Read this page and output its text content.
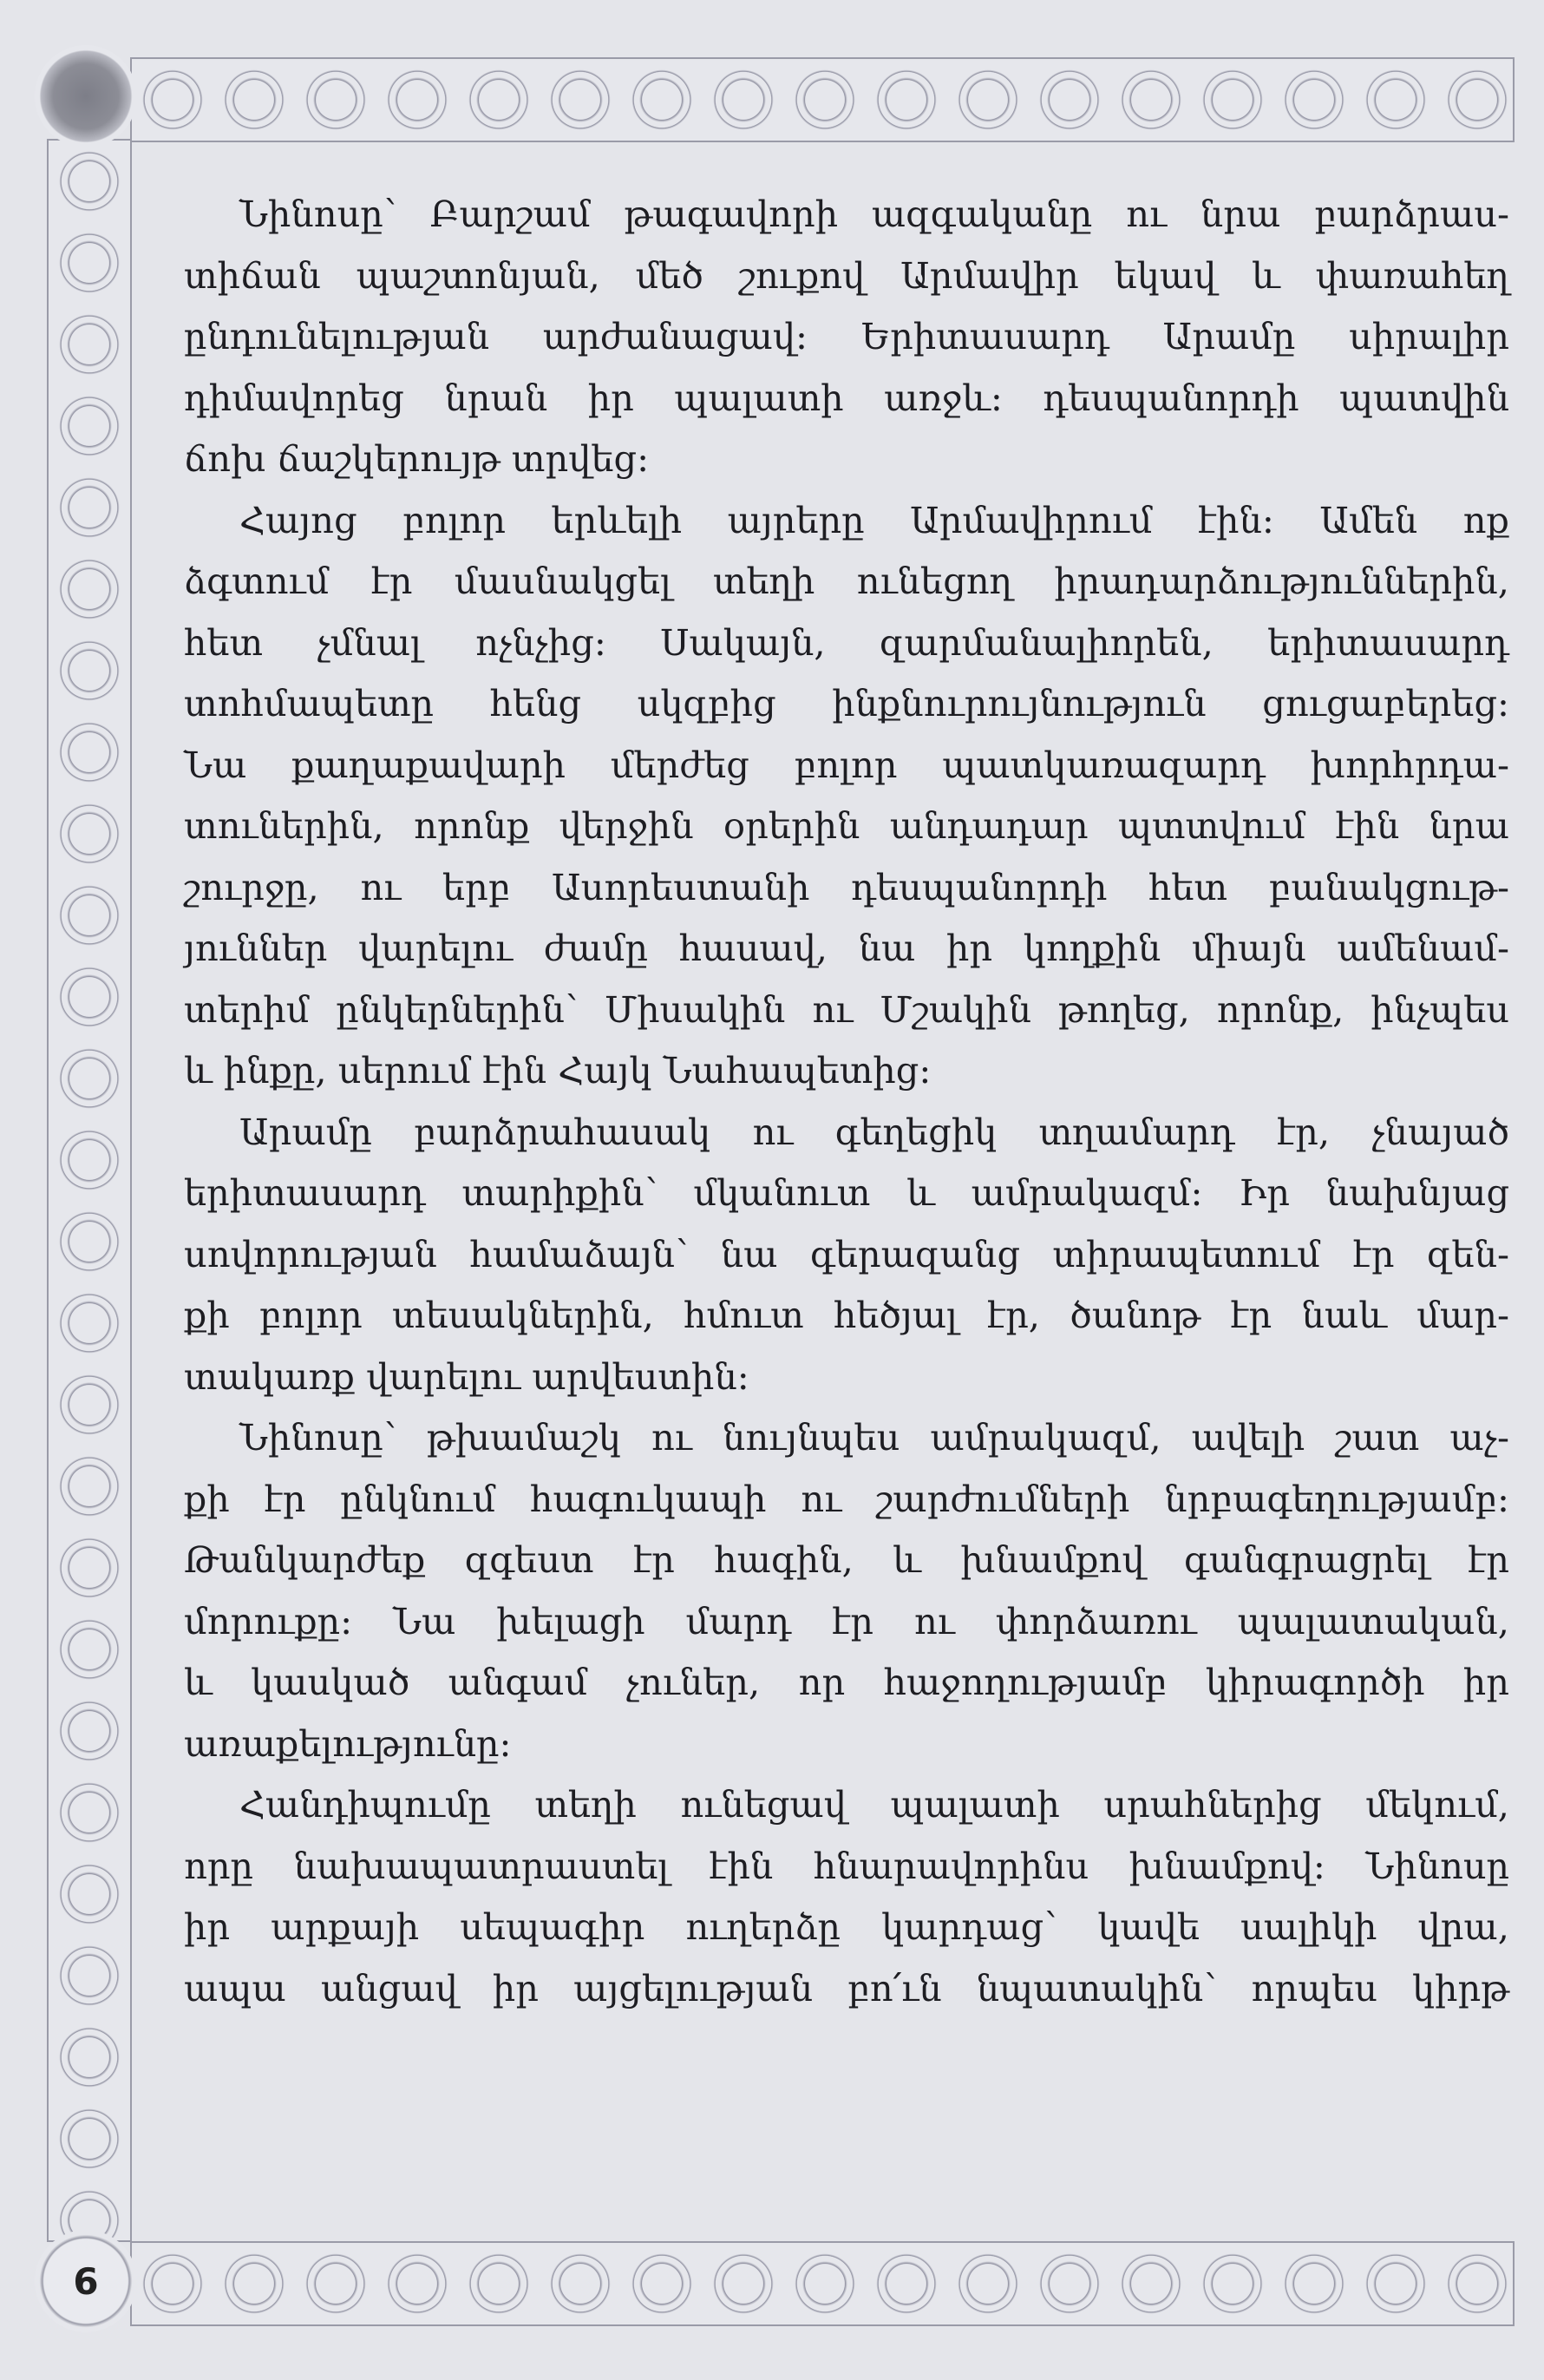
6
Նինոսը՝ Բարշամ թագավորի ազգականը ու նրա բարձրաս-
տիճան պաշտոնյան, մեծ շուքով Արմավիր եկավ և փառահեղ
ընդունելության արժանացավ: Երիտասարդ Արամը սիրալիր
դիմավորեց նրան իր պալատի առջև: դեսպանորդի պատվին
ճոխ ճաշկերույթ տրվեց:
Հայոց բոլոր երևելի այրերը Արմավիրում էին: Ամեն ոք
ձգտում էր մասնակցել տեղի ունեցող իրադարձություններին,
հետ չմնալ ոչնչից: Սակայն, զարմանալիորեն, երիտասարդ
տոհմապետը հենց սկզբից ինքնուրույնություն ցուցաբերեց:
Նա քաղաքավարի մերժեց բոլոր պատկառազարդ խորհրդա-
տուներին, որոնք վերջին օրերին անդադար պտտվում էին նրա
շուրջը, ու երբ Ասորեստանի դեսպանորդի հետ բանակցութ-
յուններ վարելու ժամը հասավ, նա իր կողքին միայն ամենամ-
տերիմ ընկերներին՝ Միսակին ու Մշակին թողեց, որոնք, ինչպես
և ինքը, սերում էին Հայկ Նահապետից:
Արամը բարձրահասակ ու գեղեցիկ տղամարդ էր, չնայած
երիտասարդ տարիքին՝ մկանուտ և ամրակազմ: Իր նախնյաց
սովորության համաձայն՝ նա գերազանց տիրապետում էր զեն-
քի բոլոր տեսակներին, հմուտ հեծյալ էր, ծանոթ էր նաև մար-
տակառք վարելու արվեստին:
Նինոսը՝ թխամաշկ ու նույնպես ամրակազմ, ավելի շատ աչ-
քի էր ընկնում հագուկապի ու շարժումների նրբագեղությամբ:
Թանկարժեք զգեստ էր հագին, և խնամքով գանգրացրել էր
մորուքը: Նա խելացի մարդ էր ու փորձառու պալատական,
և կասկած անգամ չուներ, որ հաջողությամբ կիրագործի իր
առաքելությունը:
Հանդիպումը տեղի ունեցավ պալատի սրահներից մեկում,
որը նախապատրաստել էին հնարավորինս խնամքով: Նինոսը
իր արքայի սեպագիր ուղերձը կարդաց՝ կավե սալիկի վրա,
ապա անցավ իր այցելության բո՛ւն նպատակին՝ որպես կիրթ
